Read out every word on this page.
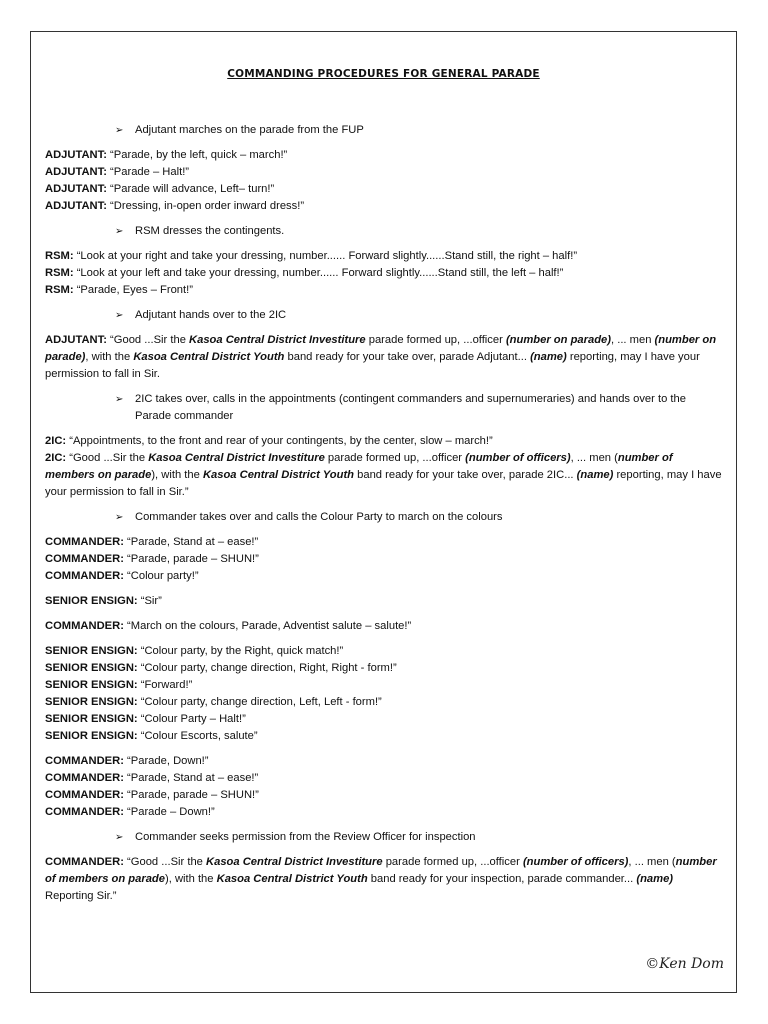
COMMANDING PROCEDURES FOR GENERAL PARADE
➢	Adjutant marches on the parade from the FUP
ADJUTANT: “Parade, by the left, quick – march!”
ADJUTANT: “Parade – Halt!”
ADJUTANT: “Parade will advance, Left– turn!”
ADJUTANT: “Dressing, in-open order inward dress!”
➢	RSM dresses the contingents.
RSM: “Look at your right and take your dressing, number...... Forward slightly......Stand still, the right – half!”
RSM: “Look at your left and take your dressing, number...... Forward slightly......Stand still, the left – half!”
RSM: “Parade, Eyes – Front!”
➢	Adjutant hands over to the 2IC
ADJUTANT: “Good ...Sir the Kasoa Central District Investiture parade formed up, ...officer (number on parade), ... men (number on parade), with the Kasoa Central District Youth band ready for your take over, parade Adjutant... (name) reporting, may I have your permission to fall in Sir.
➢	2IC takes over, calls in the appointments (contingent commanders and supernumeraries) and hands over to the Parade commander
2IC: “Appointments, to the front and rear of your contingents, by the center, slow – march!”
2IC: “Good ...Sir the Kasoa Central District Investiture parade formed up, ...officer (number of officers), ... men (number of members on parade), with the Kasoa Central District Youth band ready for your take over, parade 2IC... (name) reporting, may I have your permission to fall in Sir.”
➢	Commander takes over and calls the Colour Party to march on the colours
COMMANDER: “Parade, Stand at – ease!”
COMMANDER: “Parade, parade – SHUN!”
COMMANDER: “Colour party!”
SENIOR ENSIGN: “Sir”
COMMANDER: “March on the colours, Parade, Adventist salute – salute!”
SENIOR ENSIGN: “Colour party, by the Right, quick match!”
SENIOR ENSIGN: “Colour party, change direction, Right, Right - form!”
SENIOR ENSIGN: “Forward!”
SENIOR ENSIGN: “Colour party, change direction, Left, Left - form!”
SENIOR ENSIGN: “Colour Party – Halt!”
SENIOR ENSIGN: “Colour Escorts, salute”
COMMANDER: “Parade, Down!”
COMMANDER: “Parade, Stand at – ease!”
COMMANDER: “Parade, parade – SHUN!”
COMMANDER: “Parade – Down!”
➢	Commander seeks permission from the Review Officer for inspection
COMMANDER: “Good ...Sir the Kasoa Central District Investiture parade formed up, ...officer (number of officers), ... men (number of members on parade), with the Kasoa Central District Youth band ready for your inspection, parade commander... (name) Reporting Sir.”
©Ken Dom
